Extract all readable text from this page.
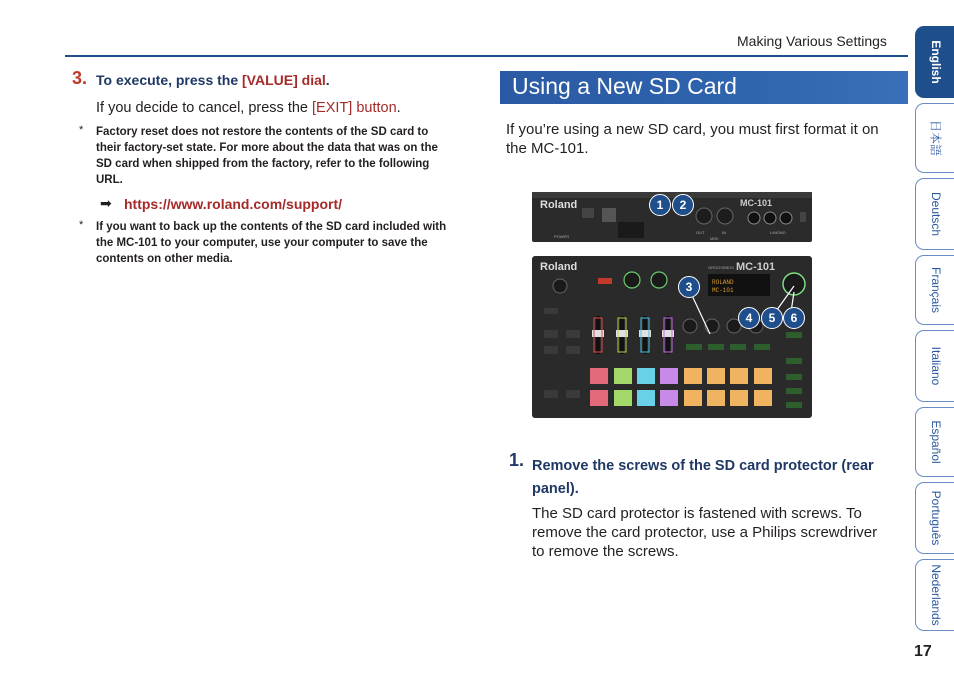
Making Various Settings
3. To execute, press the [VALUE] dial.
If you decide to cancel, press the [EXIT] button.
* Factory reset does not restore the contents of the SD card to
their factory-set state. For more about the data that was on the
SD card when shipped from the factory, refer to the following
URL.
➡ https://www.roland.com/support/
* If you want to back up the contents of the SD card included with
the MC-101 to your computer, use your computer to save the
contents on other media.
Using a New SD Card
If you’re using a new SD card, you must first format it on
the MC-101.
Roland	MC-101
POWER
OUT	IN	L/MONO
MIDI
Roland	GROOVEBOX MC-101
ROLAND
MC-101
1	2
3
4	5	6
1. Remove the screws of the SD card protector (rear
panel).
The SD card protector is fastened with screws. To
remove the card protector, use a Philips screwdriver
to remove the screws.
English
日本語
Deutsch
Français
Italiano
Español
Português
Nederlands
17
